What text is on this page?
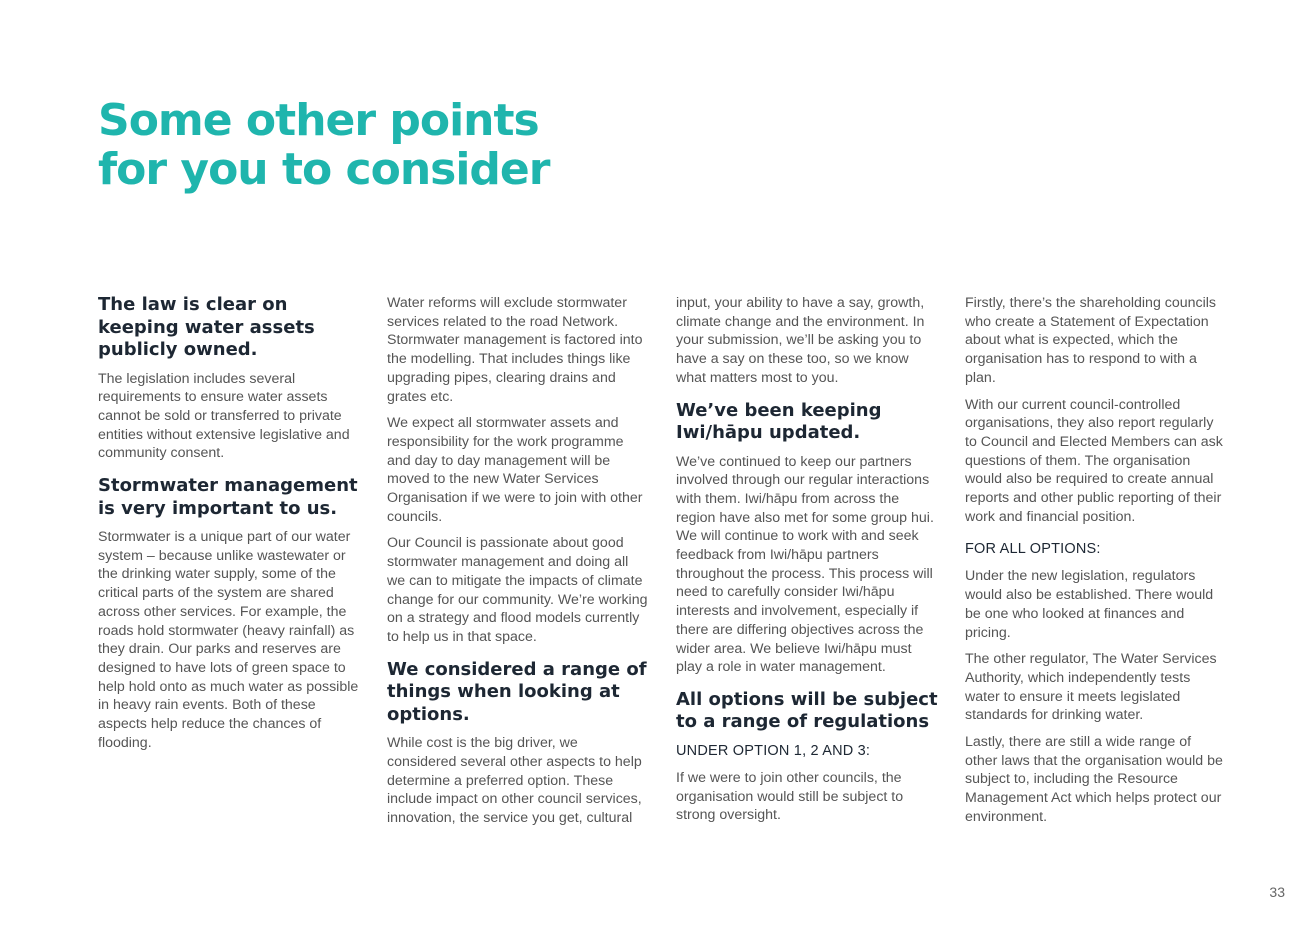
Some other points
for you to consider
The law is clear on keeping water assets publicly owned.

The legislation includes several requirements to ensure water assets cannot be sold or transferred to private entities without extensive legislative and community consent.

Stormwater management is very important to us.

Stormwater is a unique part of our water system – because unlike wastewater or the drinking water supply, some of the critical parts of the system are shared across other services. For example, the roads hold stormwater (heavy rainfall) as they drain. Our parks and reserves are designed to have lots of green space to help hold onto as much water as possible in heavy rain events. Both of these aspects help reduce the chances of flooding.

Water reforms will exclude stormwater services related to the road Network. Stormwater management is factored into the modelling. That includes things like upgrading pipes, clearing drains and grates etc.

We expect all stormwater assets and responsibility for the work programme and day to day management will be moved to the new Water Services Organisation if we were to join with other councils.

Our Council is passionate about good stormwater management and doing all we can to mitigate the impacts of climate change for our community. We’re working on a strategy and flood models currently to help us in that space.

We considered a range of things when looking at options.

While cost is the big driver, we considered several other aspects to help determine a preferred option. These include impact on other council services, innovation, the service you get, cultural

input, your ability to have a say, growth, climate change and the environment. In your submission, we’ll be asking you to have a say on these too, so we know what matters most to you.

We’ve been keeping Iwi/hāpu updated.

We’ve continued to keep our partners involved through our regular interactions with them. Iwi/hāpu from across the region have also met for some group hui. We will continue to work with and seek feedback from Iwi/hāpu partners throughout the process. This process will need to carefully consider Iwi/hāpu interests and involvement, especially if there are differing objectives across the wider area. We believe Iwi/hāpu must play a role in water management.

All options will be subject to a range of regulations
UNDER OPTION 1, 2 AND 3:

If we were to join other councils, the organisation would still be subject to strong oversight.

Firstly, there’s the shareholding councils who create a Statement of Expectation about what is expected, which the organisation has to respond to with a plan.

With our current council-controlled organisations, they also report regularly to Council and Elected Members can ask questions of them. The organisation would also be required to create annual reports and other public reporting of their work and financial position.

FOR ALL OPTIONS:

Under the new legislation, regulators would also be established. There would be one who looked at finances and pricing.

The other regulator, The Water Services Authority, which independently tests water to ensure it meets legislated standards for drinking water.

Lastly, there are still a wide range of other laws that the organisation would be subject to, including the Resource Management Act which helps protect our environment.

33
